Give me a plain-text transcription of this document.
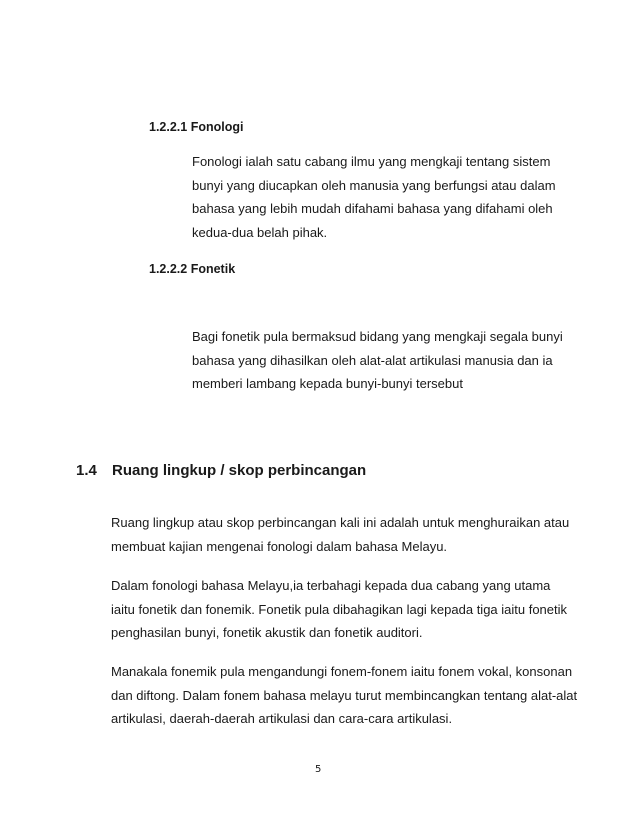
1.2.2.1 Fonologi

Fonologi ialah satu cabang ilmu yang mengkaji tentang sistem

bunyi yang diucapkan oleh manusia yang berfungsi atau dalam

bahasa yang lebih mudah difahami bahasa yang difahami oleh

kedua-dua belah pihak.

1.2.2.2 Fonetik

Bagi fonetik pula bermaksud bidang yang mengkaji segala bunyi

bahasa yang dihasilkan oleh alat-alat artikulasi manusia dan ia

memberi lambang kepada bunyi-bunyi tersebut

1.4 Ruang lingkup / skop perbincangan

Ruang lingkup atau skop perbincangan kali ini adalah untuk menghuraikan atau

membuat kajian mengenai fonologi dalam bahasa Melayu.

Dalam fonologi bahasa Melayu,ia terbahagi kepada dua cabang yang utama

iaitu fonetik dan fonemik. Fonetik pula dibahagikan lagi kepada tiga iaitu fonetik

penghasilan bunyi, fonetik akustik dan fonetik auditori.

Manakala fonemik pula mengandungi fonem-fonem iaitu fonem vokal, konsonan

dan diftong. Dalam fonem bahasa melayu turut membincangkan tentang alat-alat

artikulasi, daerah-daerah artikulasi dan cara-cara artikulasi.

5
